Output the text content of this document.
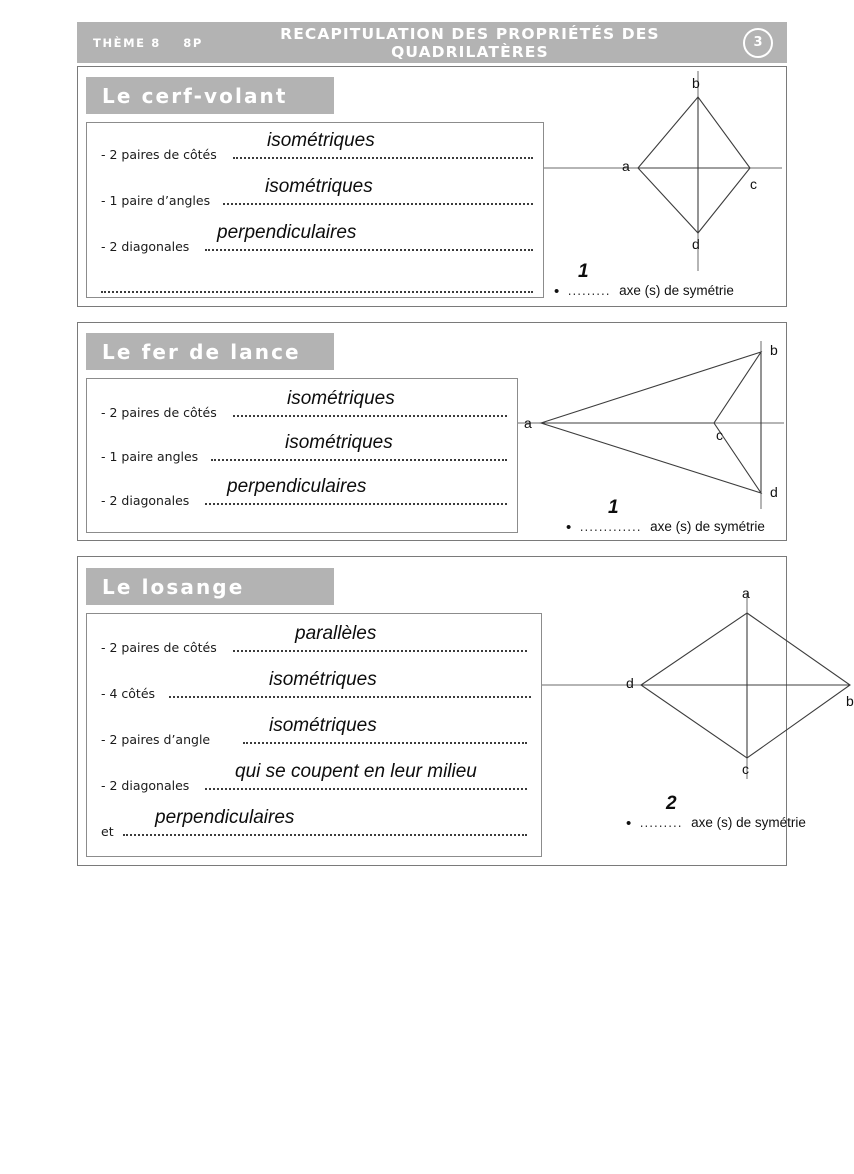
THÈME 8    8P	RECAPITULATION DES PROPRIÉTÉS DES QUADRILATÈRES	3
Le cerf-volant
- 2 paires de côtés
isométriques
- 1 paire d’angles
isométriques
- 2 diagonales
perpendiculaires
a
b
c
d
1
•  .........  axe (s) de symétrie
Le fer de lance
- 2 paires de côtés
isométriques
- 1 paire angles
isométriques
- 2 diagonales
perpendiculaires
a
b
c
d
1
•  .............  axe (s) de symétrie
Le losange
- 2 paires de côtés
parallèles
- 4 côtés
isométriques
- 2 paires d’angle
isométriques
- 2 diagonales
qui se coupent en leur milieu
et
perpendiculaires
a
b
c
d
2
•  .........  axe (s) de symétrie
